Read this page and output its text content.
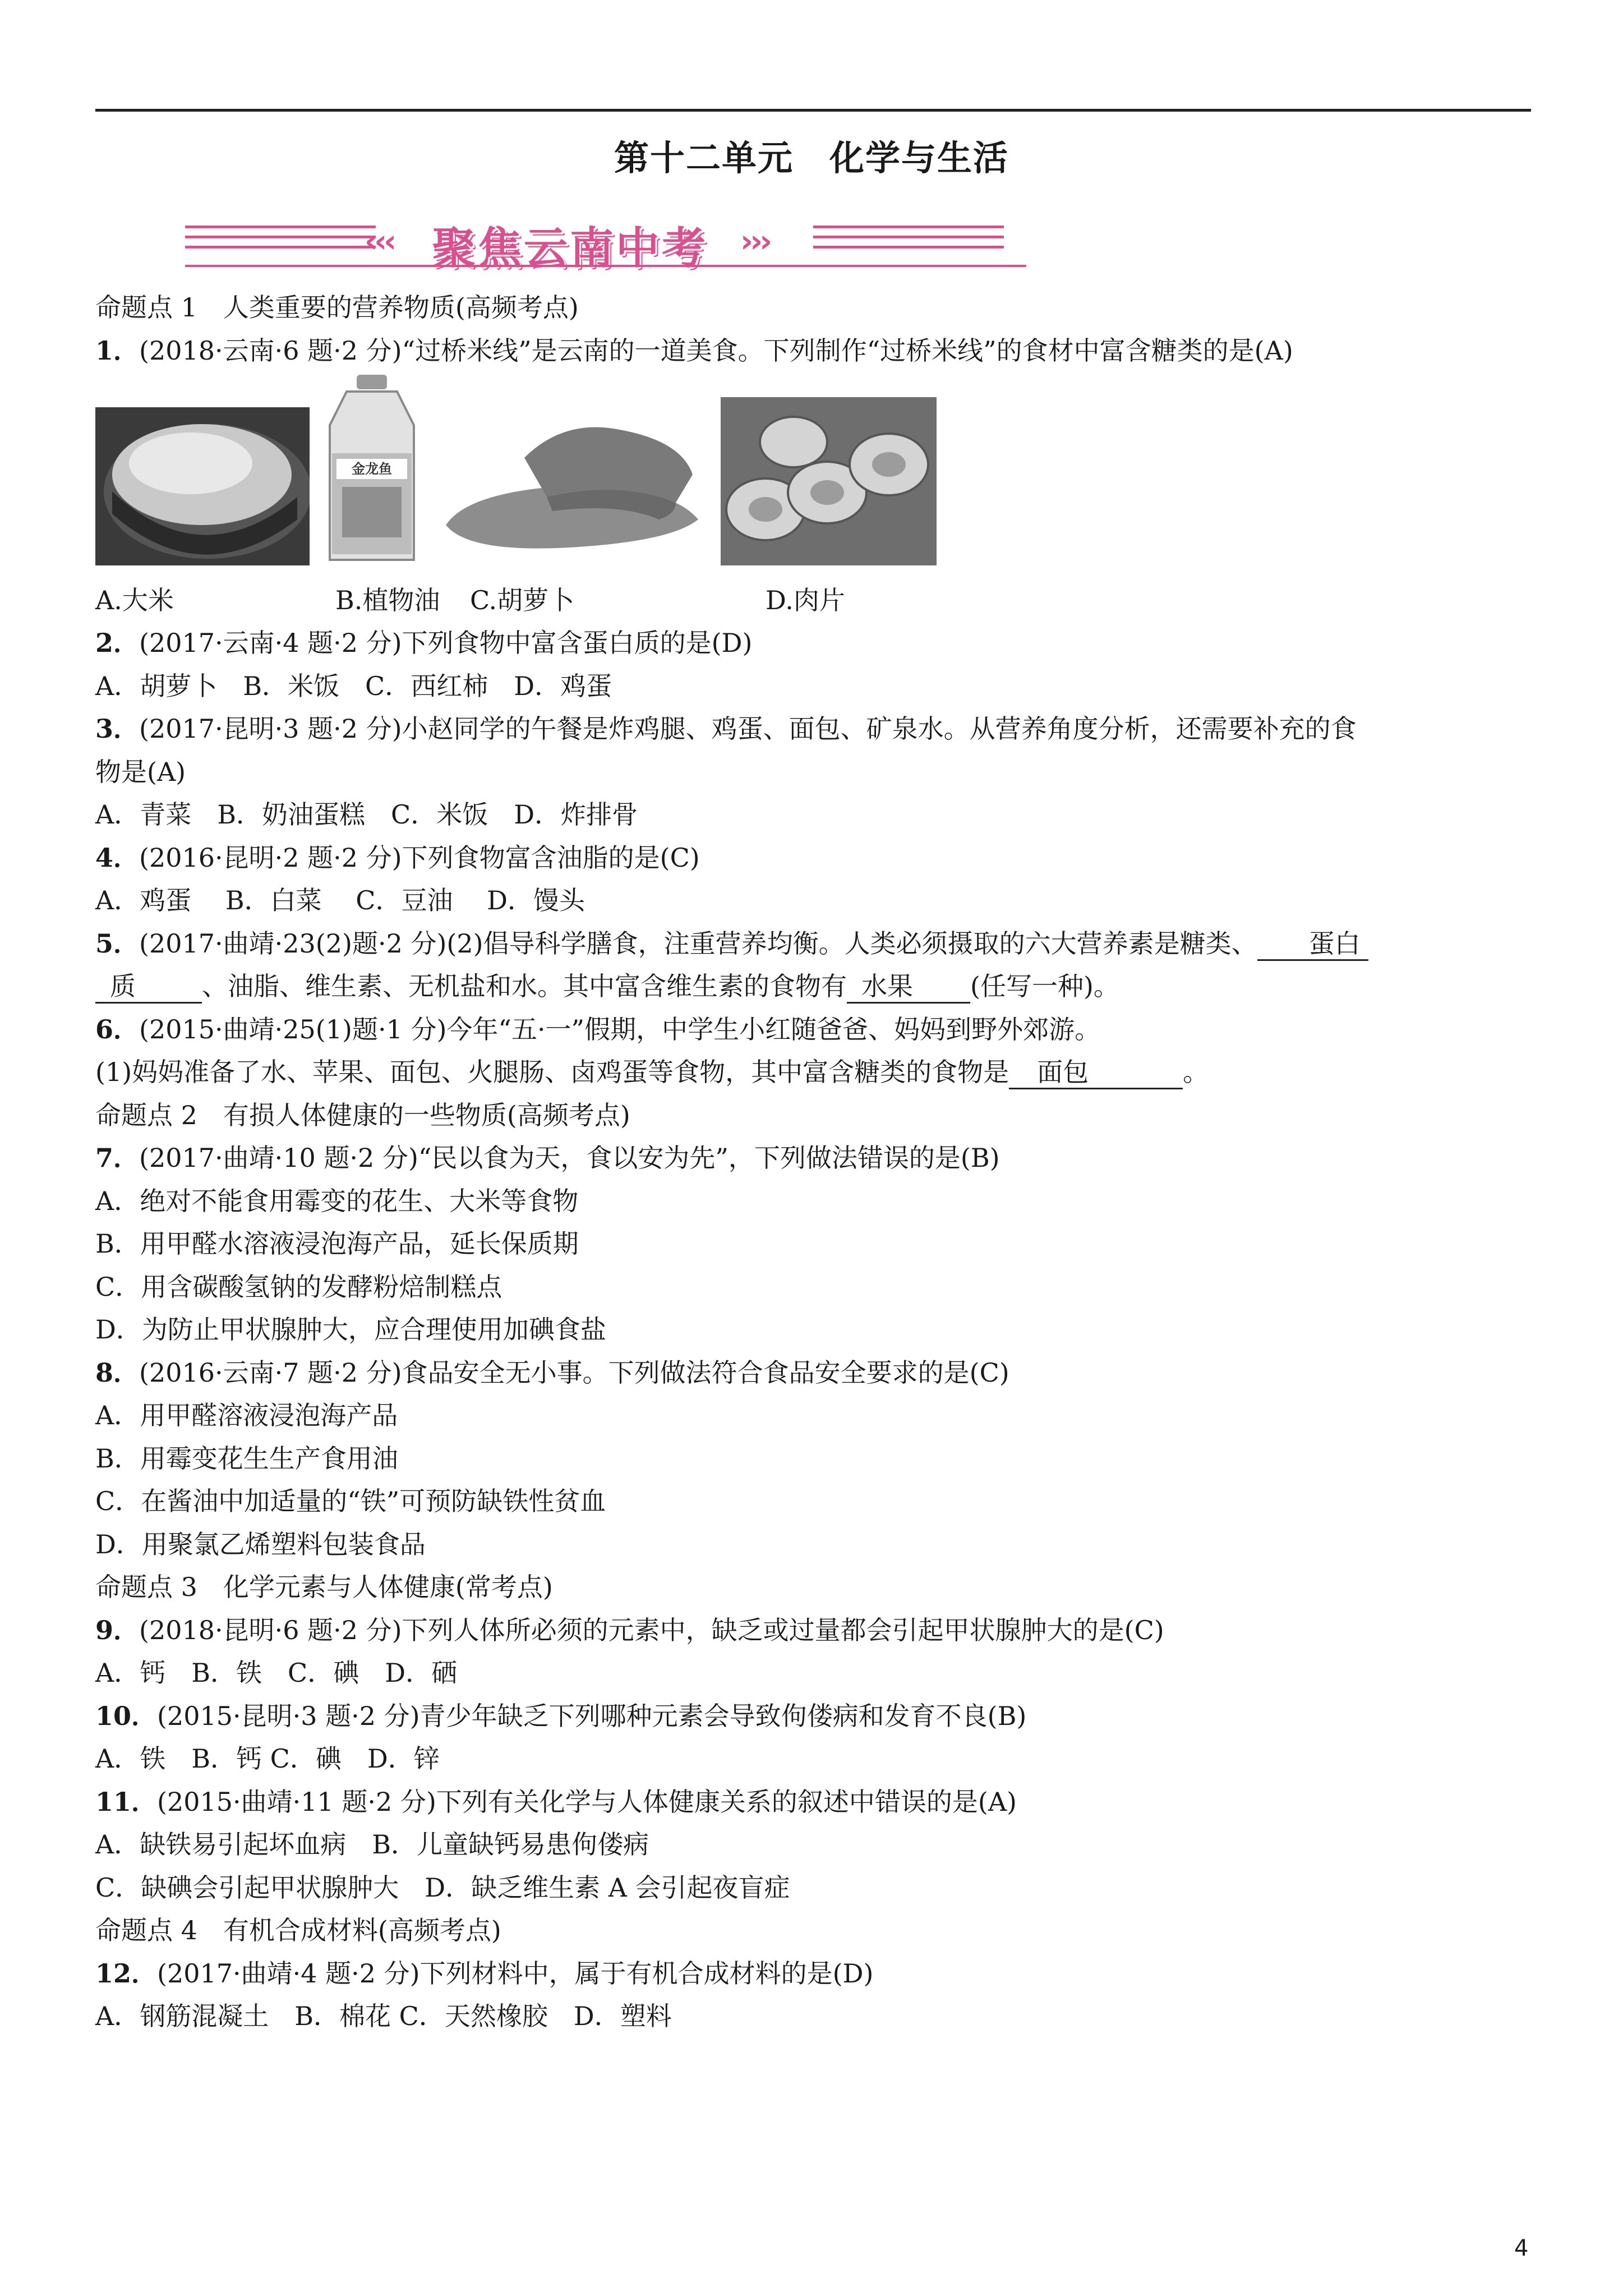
第十二单元　化学与生活
‹‹‹ 聚焦云南中考 ›››
命题点 1　人类重要的营养物质(高频考点)
1．(2018·云南·6 题·2 分)“过桥米线”是云南的一道美食。下列制作“过桥米线”的食材中富含糖类的是(A)
金龙鱼
A.大米	B.植物油 C.胡萝卜	D.肉片
2．(2017·云南·4 题·2 分)下列食物中富含蛋白质的是(D)
A．胡萝卜　B．米饭　C．西红柿　D．鸡蛋
3．(2017·昆明·3 题·2 分)小赵同学的午餐是炸鸡腿、鸡蛋、面包、矿泉水。从营养角度分析，还需要补充的食
物是(A)
A．青菜　B．奶油蛋糕　C．米饭　D．炸排骨
4．(2016·昆明·2 题·2 分)下列食物富含油脂的是(C)
A．鸡蛋　 B．白菜　 C．豆油　 D．馒头
5．(2017·曲靖·23(2)题·2 分)(2)倡导科学膳食，注重营养均衡。人类必须摄取的六大营养素是糖类、 蛋白
质	、油脂、维生素、无机盐和水。其中富含维生素的食物有 水果 (任写一种)。
6．(2015·曲靖·25(1)题·1 分)今年“五·一”假期，中学生小红随爸爸、妈妈到野外郊游。
(1)妈妈准备了水、苹果、面包、火腿肠、卤鸡蛋等食物，其中富含糖类的食物是 面包	。
命题点 2　有损人体健康的一些物质(高频考点)
7．(2017·曲靖·10 题·2 分)“民以食为天，食以安为先”，下列做法错误的是(B)
A．绝对不能食用霉变的花生、大米等食物
B．用甲醛水溶液浸泡海产品，延长保质期
C．用含碳酸氢钠的发酵粉焙制糕点
D．为防止甲状腺肿大，应合理使用加碘食盐
8．(2016·云南·7 题·2 分)食品安全无小事。下列做法符合食品安全要求的是(C)
A．用甲醛溶液浸泡海产品
B．用霉变花生生产食用油
C．在酱油中加适量的“铁”可预防缺铁性贫血
D．用聚氯乙烯塑料包装食品
命题点 3　化学元素与人体健康(常考点)
9．(2018·昆明·6 题·2 分)下列人体所必须的元素中，缺乏或过量都会引起甲状腺肿大的是(C)
A．钙　B．铁　C．碘　D．硒
10．(2015·昆明·3 题·2 分)青少年缺乏下列哪种元素会导致佝偻病和发育不良(B)
A．铁　B．钙 C．碘　D．锌
11．(2015·曲靖·11 题·2 分)下列有关化学与人体健康关系的叙述中错误的是(A)
A．缺铁易引起坏血病　B．儿童缺钙易患佝偻病
C．缺碘会引起甲状腺肿大　D．缺乏维生素 A 会引起夜盲症
命题点 4　有机合成材料(高频考点)
12．(2017·曲靖·4 题·2 分)下列材料中，属于有机合成材料的是(D)
A．钢筋混凝土　B．棉花 C．天然橡胶　D．塑料
4
